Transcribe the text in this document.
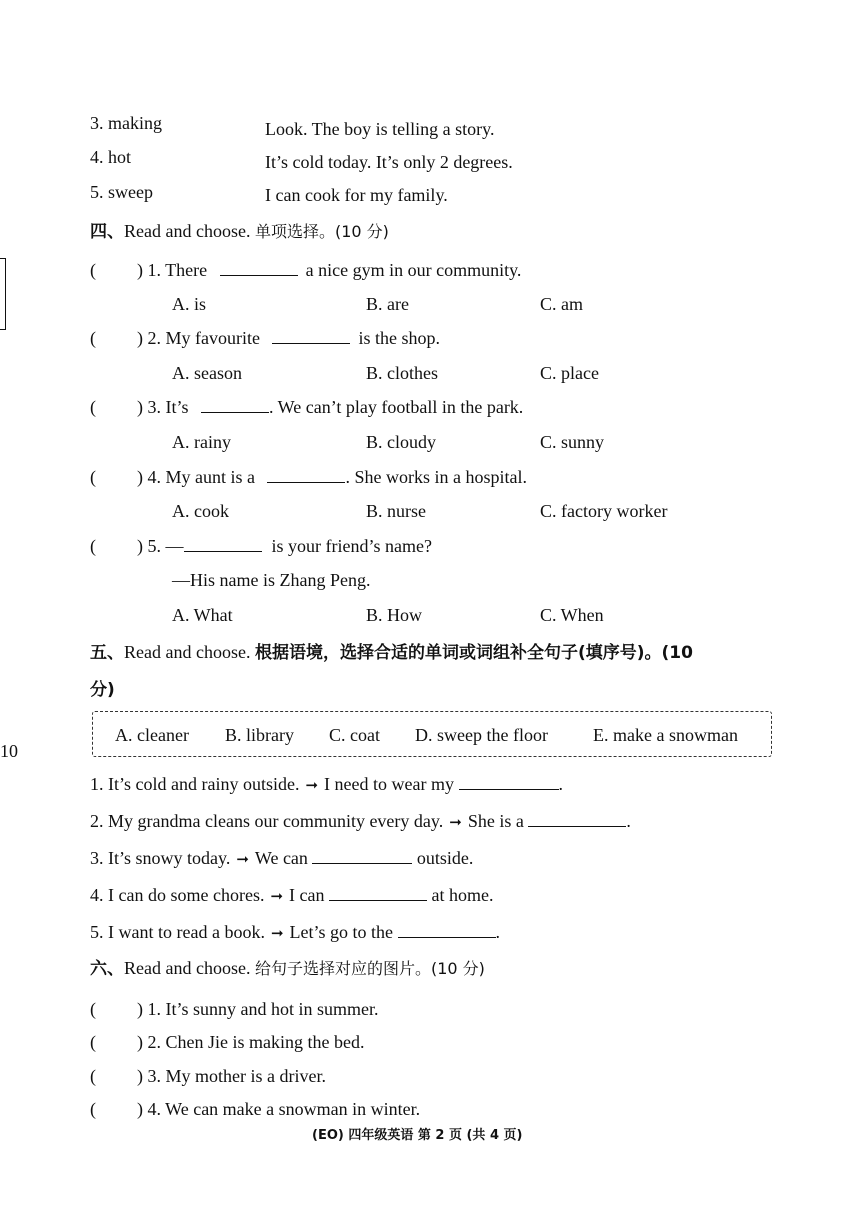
10
3. making	Look. The boy is telling a story.
4. hot	It’s cold today. It’s only 2 degrees.
5. sweep	I can cook for my family.
四、Read and choose. 单项选择。(10 分)
( ) 1. There	a nice gym in our community.
A. is	B. are	C. am
( ) 2. My favourite	is the shop.
A. season	B. clothes	C. place
( ) 3. It’s	. We can’t play football in the park.
A. rainy	B. cloudy	C. sunny
( ) 4. My aunt is a	. She works in a hospital.
A. cook	B. nurse	C. factory worker
( ) 5. —	is your friend’s name?
—His name is Zhang Peng.
A. What	B. How	C. When
五、Read and choose. 根据语境，选择合适的单词或词组补全句子(填序号)。(10
分)
A. cleaner B. library C. coat D. sweep the floor	E. make a snowman
1. It’s cold and rainy outside. ➞ I need to wear my	.
2. My grandma cleans our community every day. ➞ She is a	.
3. It’s snowy today. ➞ We can	outside.
4. I can do some chores. ➞ I can	at home.
5. I want to read a book. ➞ Let’s go to the	.
六、Read and choose. 给句子选择对应的图片。(10 分)
( ) 1. It’s sunny and hot in summer.
( ) 2. Chen Jie is making the bed.
( ) 3. My mother is a driver.
( ) 4. We can make a snowman in winter.
(EO) 四年级英语 第 2 页 (共 4 页)
